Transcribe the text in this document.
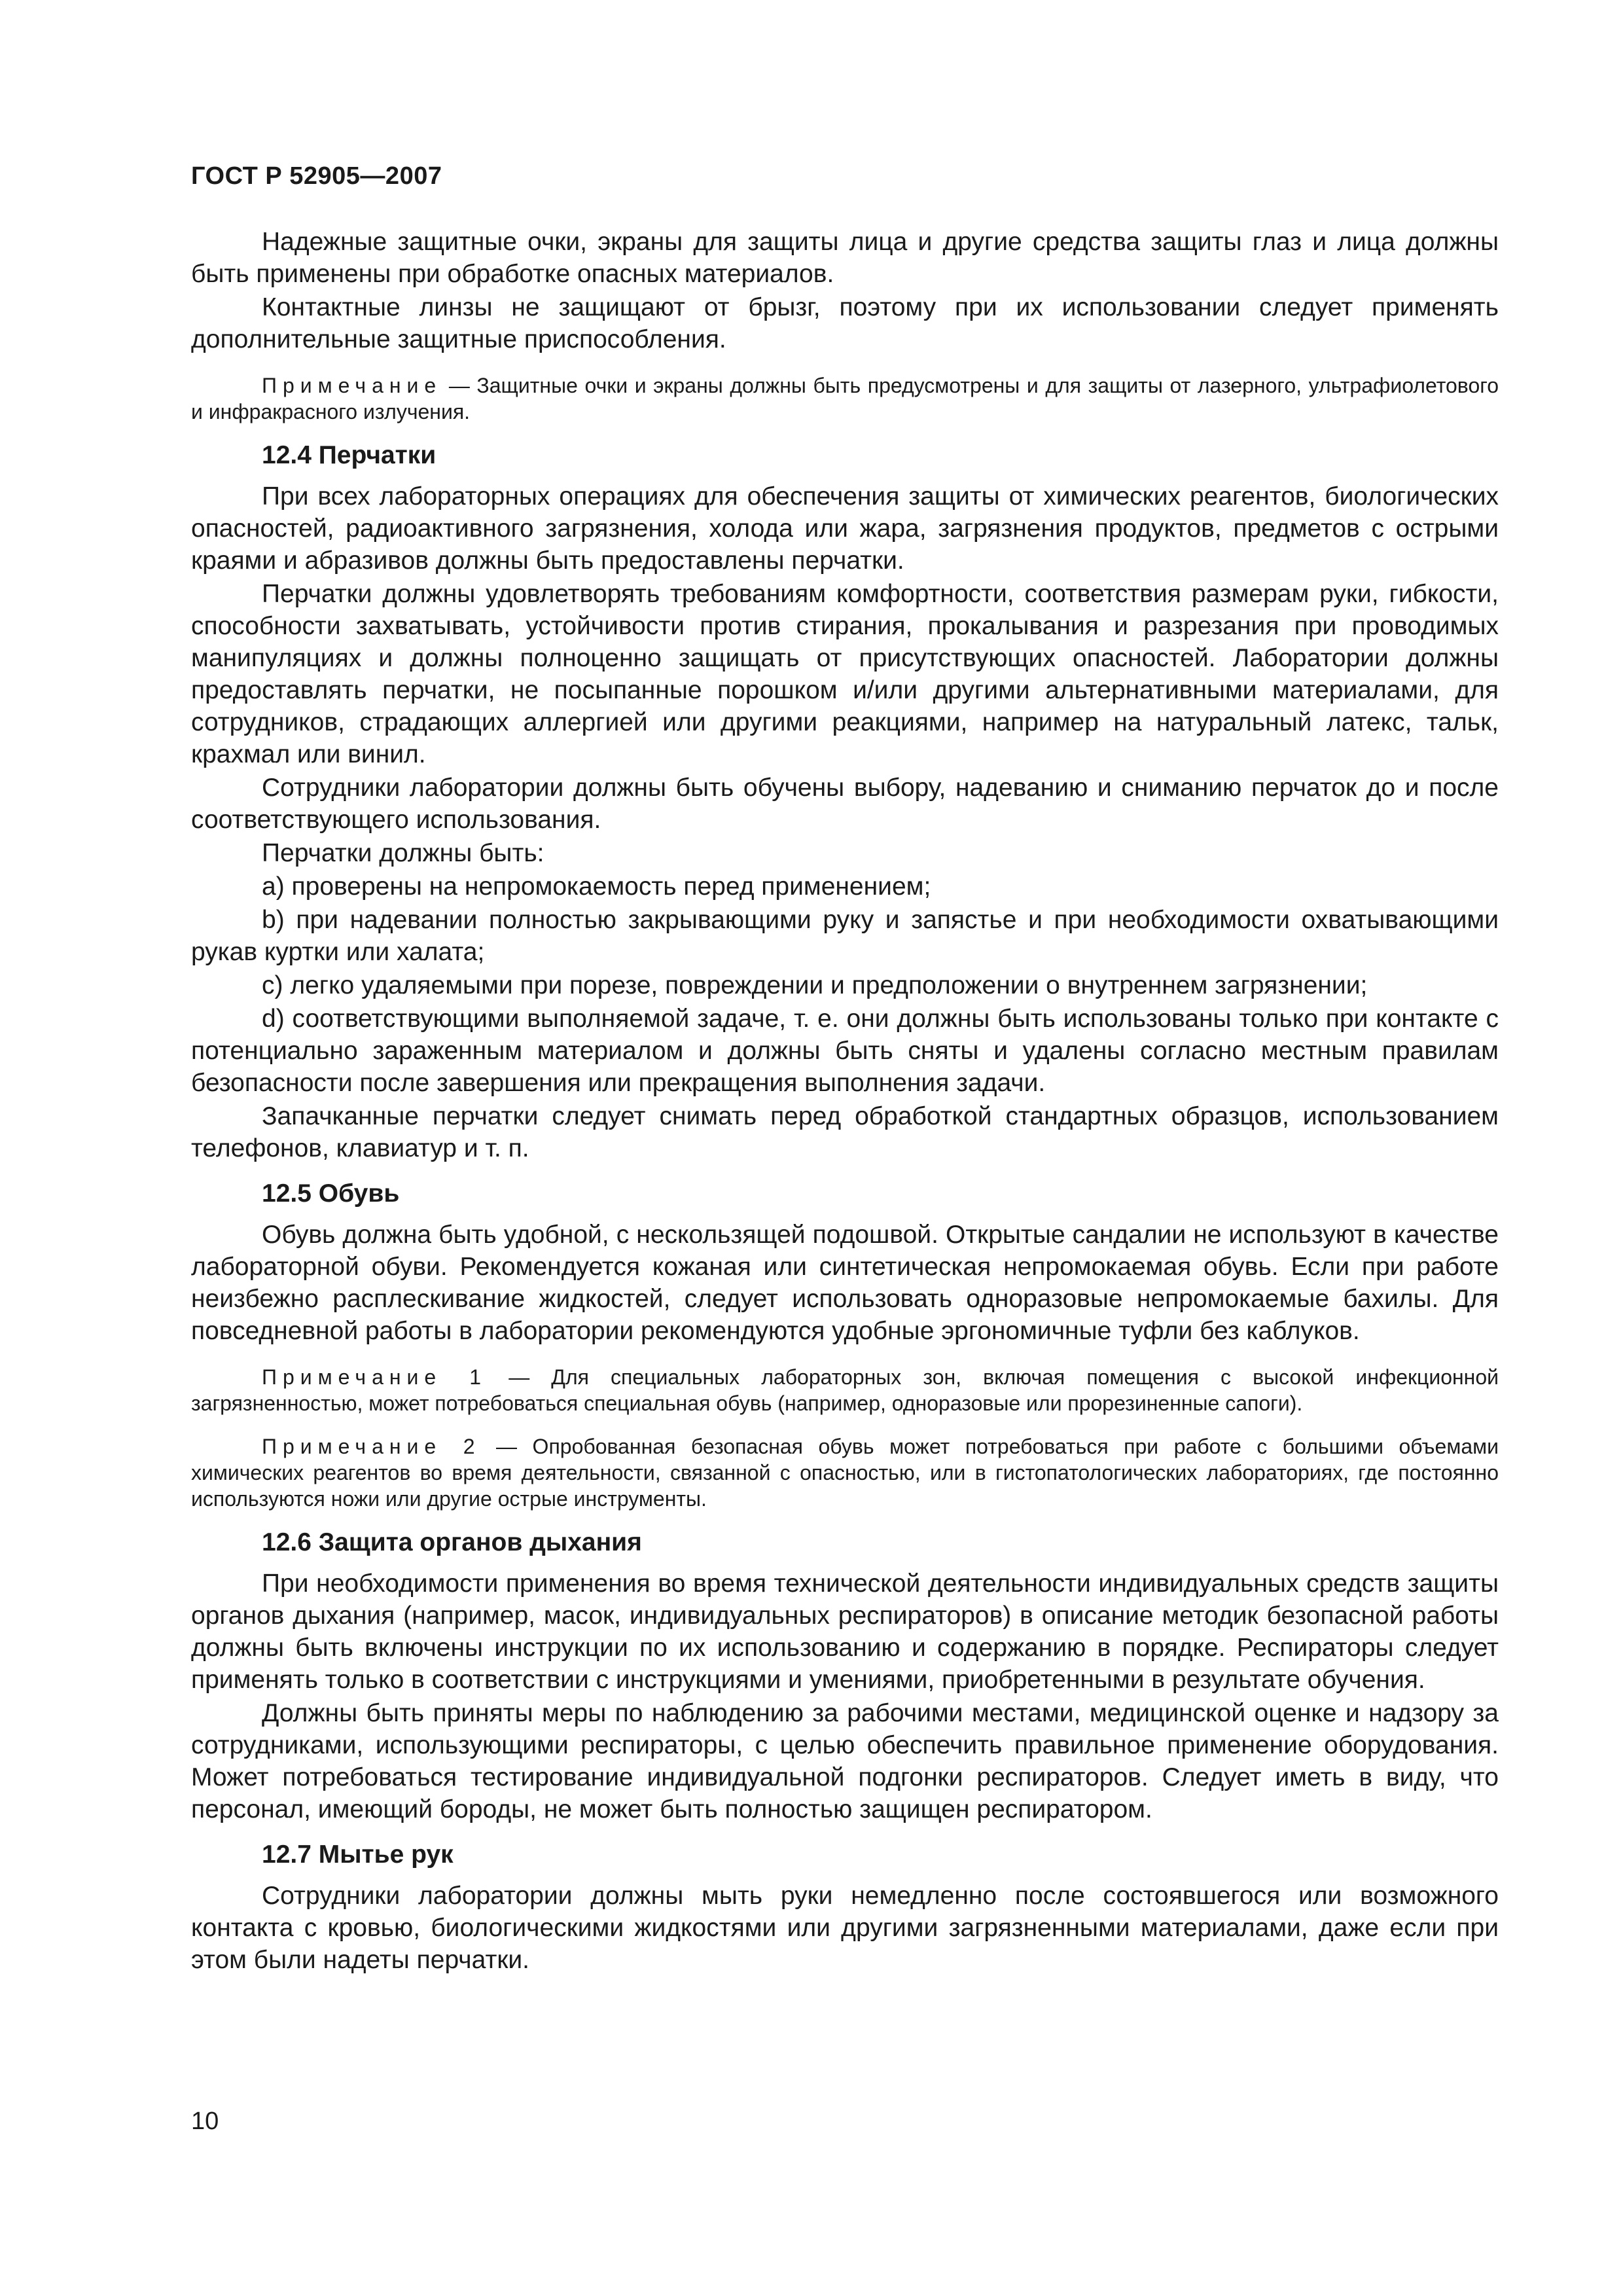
ГОСТ Р 52905—2007

Надежные защитные очки, экраны для защиты лица и другие средства защиты глаз и лица должны быть применены при обработке опасных материалов.

Контактные линзы не защищают от брызг, поэтому при их использовании следует применять дополнительные защитные приспособления.

Примечание — Защитные очки и экраны должны быть предусмотрены и для защиты от лазерного, ультрафиолетового и инфракрасного излучения.

12.4 Перчатки

При всех лабораторных операциях для обеспечения защиты от химических реагентов, биологических опасностей, радиоактивного загрязнения, холода или жара, загрязнения продуктов, предметов с острыми краями и абразивов должны быть предоставлены перчатки.

Перчатки должны удовлетворять требованиям комфортности, соответствия размерам руки, гибкости, способности захватывать, устойчивости против стирания, прокалывания и разрезания при проводимых манипуляциях и должны полноценно защищать от присутствующих опасностей. Лаборатории должны предоставлять перчатки, не посыпанные порошком и/или другими альтернативными материалами, для сотрудников, страдающих аллергией или другими реакциями, например на натуральный латекс, тальк, крахмал или винил.

Сотрудники лаборатории должны быть обучены выбору, надеванию и сниманию перчаток до и после соответствующего использования.

Перчатки должны быть:

a) проверены на непромокаемость перед применением;
b) при надевании полностью закрывающими руку и запястье и при необходимости охватывающими рукав куртки или халата;
c) легко удаляемыми при порезе, повреждении и предположении о внутреннем загрязнении;
d) соответствующими выполняемой задаче, т. е. они должны быть использованы только при контакте с потенциально зараженным материалом и должны быть сняты и удалены согласно местным правилам безопасности после завершения или прекращения выполнения задачи.

Запачканные перчатки следует снимать перед обработкой стандартных образцов, использованием телефонов, клавиатур и т. п.

12.5 Обувь

Обувь должна быть удобной, с нескользящей подошвой. Открытые сандалии не используют в качестве лабораторной обуви. Рекомендуется кожаная или синтетическая непромокаемая обувь. Если при работе неизбежно расплескивание жидкостей, следует использовать одноразовые непромокаемые бахилы. Для повседневной работы в лаборатории рекомендуются удобные эргономичные туфли без каблуков.

Примечание 1 — Для специальных лабораторных зон, включая помещения с высокой инфекционной загрязненностью, может потребоваться специальная обувь (например, одноразовые или прорезиненные сапоги).

Примечание 2 — Опробованная безопасная обувь может потребоваться при работе с большими объемами химических реагентов во время деятельности, связанной с опасностью, или в гистопатологических лабораториях, где постоянно используются ножи или другие острые инструменты.

12.6 Защита органов дыхания

При необходимости применения во время технической деятельности индивидуальных средств защиты органов дыхания (например, масок, индивидуальных респираторов) в описание методик безопасной работы должны быть включены инструкции по их использованию и содержанию в порядке. Респираторы следует применять только в соответствии с инструкциями и умениями, приобретенными в результате обучения.

Должны быть приняты меры по наблюдению за рабочими местами, медицинской оценке и надзору за сотрудниками, использующими респираторы, с целью обеспечить правильное применение оборудования. Может потребоваться тестирование индивидуальной подгонки респираторов. Следует иметь в виду, что персонал, имеющий бороды, не может быть полностью защищен респиратором.

12.7 Мытье рук

Сотрудники лаборатории должны мыть руки немедленно после состоявшегося или возможного контакта с кровью, биологическими жидкостями или другими загрязненными материалами, даже если при этом были надеты перчатки.

10
